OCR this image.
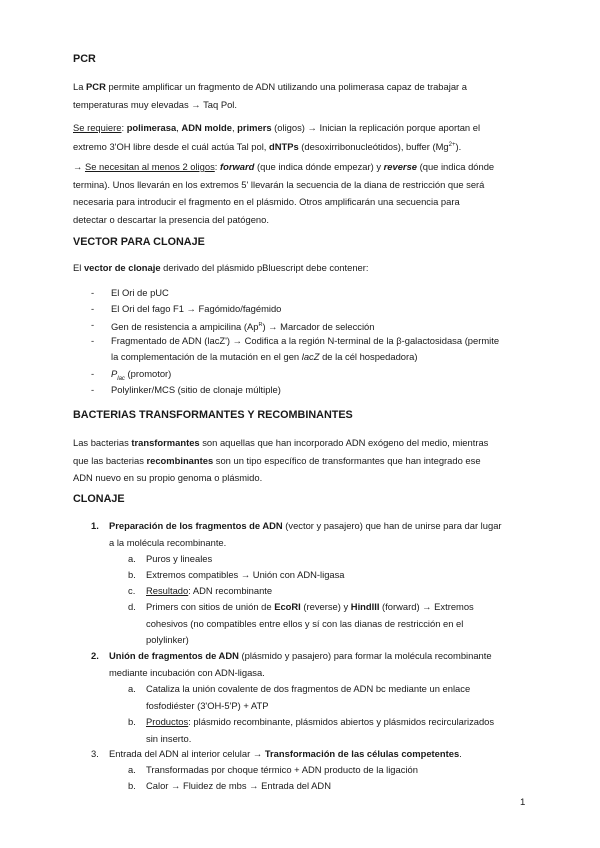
PCR
La PCR permite amplificar un fragmento de ADN utilizando una polimerasa capaz de trabajar a
temperaturas muy elevadas → Taq Pol.
Se requiere: polimerasa, ADN molde, primers (oligos) → Inician la replicación porque aportan el
extremo 3'OH libre desde el cuál actúa Tal pol, dNTPs (desoxirribonucleótidos), buffer $(Mg^{2+})$.
→ Se necesitan al menos 2 oligos: forward (que indica dónde empezar) y reverse (que indica dónde
termina). Unos llevarán en los extremos 5' llevarán la secuencia de la diana de restricción que será
necesaria para introducir el fragmento en el plásmido. Otros amplificarán una secuencia para
detectar o descartar la presencia del patógeno.
VECTOR PARA CLONAJE
El vector de clonaje derivado del plásmido pBluescript debe contener:
- El Ori de pUC
- El Ori del fago F1 → Fagómido/fagémido
- Gen de resistencia a ampicilina $(Ap^R)$ → Marcador de selección
- Fragmentado de ADN (lacZ') → Codifica a la región N-terminal de la β-galactosidasa (permite
la complementación de la mutación en el gen lacZ de la cél hospedadora)
- $P_{lac}$ (promotor)
- Polylinker/MCS (sitio de clonaje múltiple)
BACTERIAS TRANSFORMANTES Y RECOMBINANTES
Las bacterias transformantes son aquellas que han incorporado ADN exógeno del medio, mientras
que las bacterias recombinantes son un tipo específico de transformantes que han integrado ese
ADN nuevo en su propio genoma o plásmido.
CLONAJE
1. Preparación de los fragmentos de ADN (vector y pasajero) que han de unirse para dar lugar
a la molécula recombinante.
a. Puros y lineales
b. Extremos compatibles → Unión con ADN-ligasa
c. Resultado: ADN recombinante
d. Primers con sitios de unión de EcoRI (reverse) y HindIII (forward) → Extremos
cohesivos (no compatibles entre ellos y sí con las dianas de restricción en el
polylinker)
2. Unión de fragmentos de ADN (plásmido y pasajero) para formar la molécula recombinante
mediante incubación con ADN-ligasa.
a. Cataliza la unión covalente de dos fragmentos de ADN bc mediante un enlace
fosfodiéster (3'OH-5'P) + ATP
b. Productos: plásmido recombinante, plásmidos abiertos y plásmidos recircularizados
sin inserto.
3. Entrada del ADN al interior celular → Transformación de las células competentes.
a. Transformadas por choque térmico + ADN producto de la ligación
b. Calor → Fluidez de mbs → Entrada del ADN
1
